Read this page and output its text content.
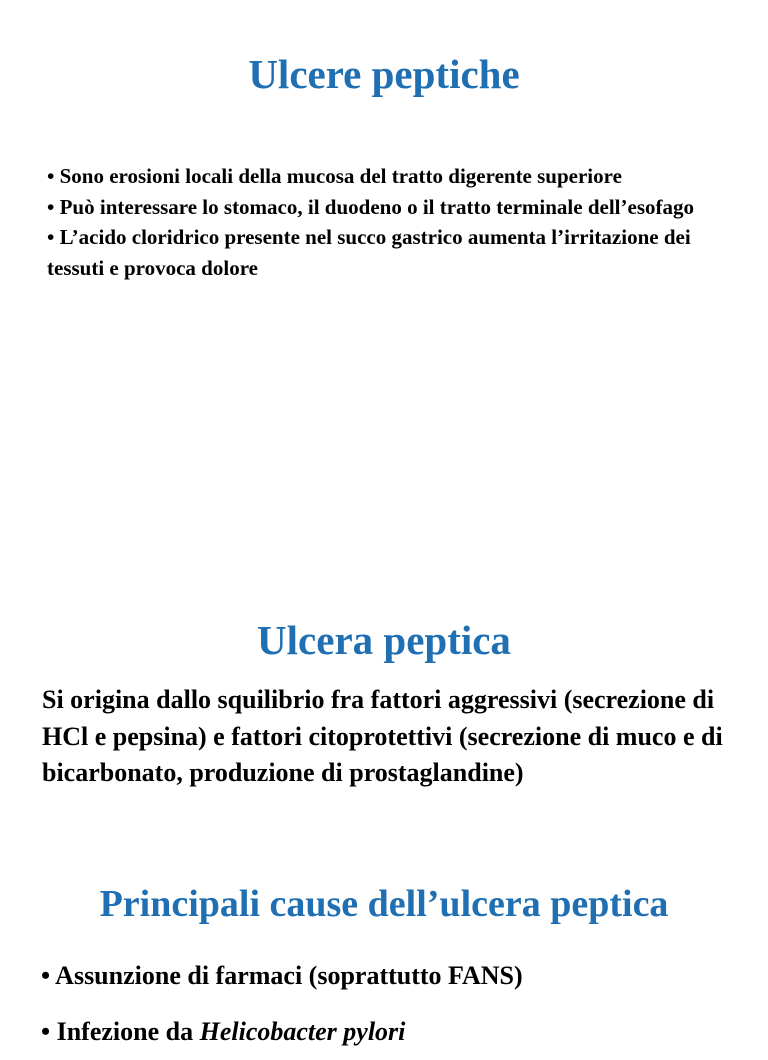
Ulcere peptiche
• Sono erosioni locali della mucosa del tratto digerente superiore
• Può interessare lo stomaco, il duodeno o il tratto terminale dell’esofago
• L’acido cloridrico presente nel succo gastrico aumenta l’irritazione dei tessuti e provoca dolore
Ulcera peptica

Si origina dallo squilibrio fra fattori aggressivi (secrezione di HCl e pepsina) e fattori citoprotettivi (secrezione di muco e di bicarbonato, produzione di prostaglandine)

Principali cause dell’ulcera peptica
• Assunzione di farmaci (soprattutto FANS)
• Infezione da Helicobacter pylori
